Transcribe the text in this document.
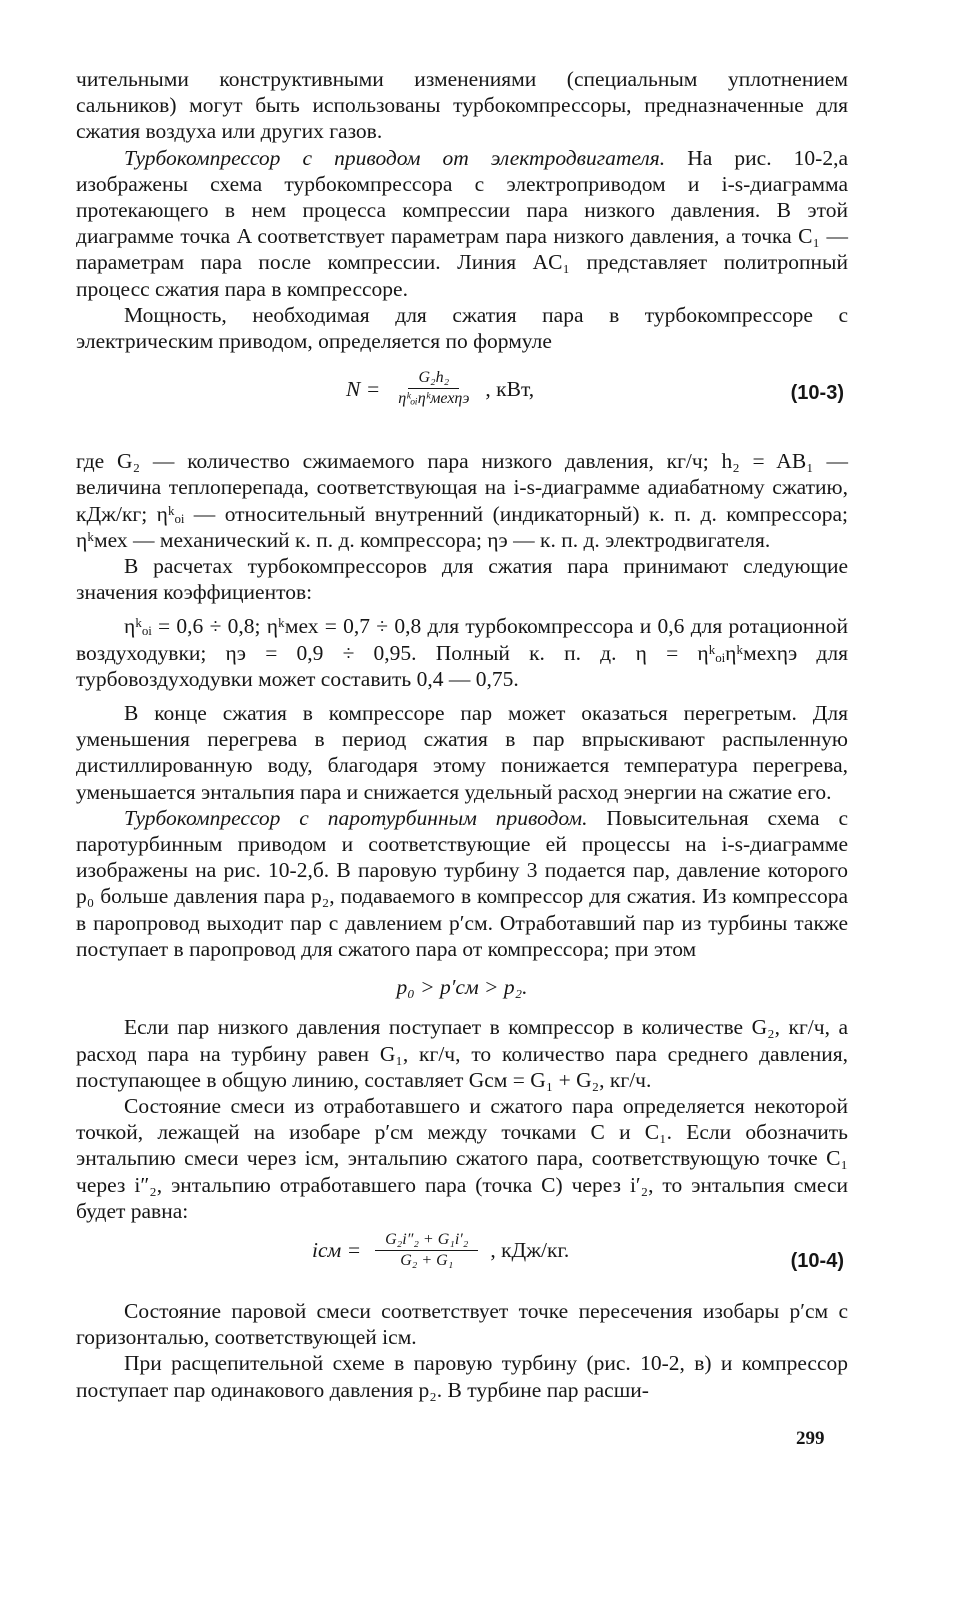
чительными конструктивными изменениями (специальным уплотнением сальников) могут быть использованы турбокомпрессоры, предназначенные для сжатия воздуха или других газов.

Турбокомпрессор с приводом от электродвигателя. На рис. 10-2,а изображены схема турбокомпрессора с электроприводом и i-s-диаграмма протекающего в нем процесса компрессии пара низкого давления. В этой диаграмме точка A соответствует параметрам пара низкого давления, а точка C₁ — параметрам пара после компрессии. Линия AC₁ представляет политропный процесс сжатия пара в компрессоре.

Мощность, необходимая для сжатия пара в турбокомпрессоре с электрическим приводом, определяется по формуле

$N = \frac{\text{G₂h₂}}{\text{ηᵏₒᵢηᵏмехηэ}}$ , кВт,	(10-3)

где G₂ — количество сжимаемого пара низкого давления, кг/ч; h₂ = AB₁ — величина теплоперепада, соответствующая на i-s-диаграмме адиабатному сжатию, кДж/кг; ηᵏₒᵢ — относительный внутренний (индикаторный) к. п. д. компрессора; ηᵏмех — механический к. п. д. компрессора; ηэ — к. п. д. электродвигателя.

В расчетах турбокомпрессоров для сжатия пара принимают следующие значения коэффициентов:

ηᵏₒᵢ = 0,6 ÷ 0,8; ηᵏмех = 0,7 ÷ 0,8 для турбокомпрессора и 0,6 для ротационной воздуходувки; ηэ = 0,9 ÷ 0,95. Полный к. п. д. η = ηᵏₒᵢηᵏмехηэ для турбовоздуходувки может составить 0,4 — 0,75.

В конце сжатия в компрессоре пар может оказаться перегретым. Для уменьшения перегрева в период сжатия в пар впрыскивают распыленную дистиллированную воду, благодаря этому понижается температура перегрева, уменьшается энтальпия пара и снижается удельный расход энергии на сжатие его.

Турбокомпрессор с паротурбинным приводом. Повысительная схема с паротурбинным приводом и соответствующие ей процессы на i-s-диаграмме изображены на рис. 10-2,б. В паровую турбину 3 подается пар, давление которого p₀ больше давления пара p₂, подаваемого в компрессор для сжатия. Из компрессора в паропровод выходит пар с давлением p′см. Отработавший пар из турбины также поступает в паропровод для сжатого пара от компрессора; при этом

p₀ > p′см > p₂.

Если пар низкого давления поступает в компрессор в количестве G₂, кг/ч, а расход пара на турбину равен G₁, кг/ч, то количество пара среднего давления, поступающее в общую линию, составляет Gсм = G₁ + G₂, кг/ч.

Состояние смеси из отработавшего и сжатого пара определяется некоторой точкой, лежащей на изобаре p′см между точками C и C₁. Если обозначить энтальпию смеси через iсм, энтальпию сжатого пара, соответствующую точке C₁ через i″₂, энтальпию отработавшего пара (точка C) через i′₂, то энтальпия смеси будет равна:

iсм = $\frac{\text{G₂i″₂ + G₁i′₂}}{\text{G₂ + G₁}}$ , кДж/кг.	(10-4)

Состояние паровой смеси соответствует точке пересечения изобары p′см с горизонталью, соответствующей iсм.

При расщепительной схеме в паровую турбину (рис. 10-2, в) и компрессор поступает пар одинакового давления p₂. В турбине пар расши-

299
